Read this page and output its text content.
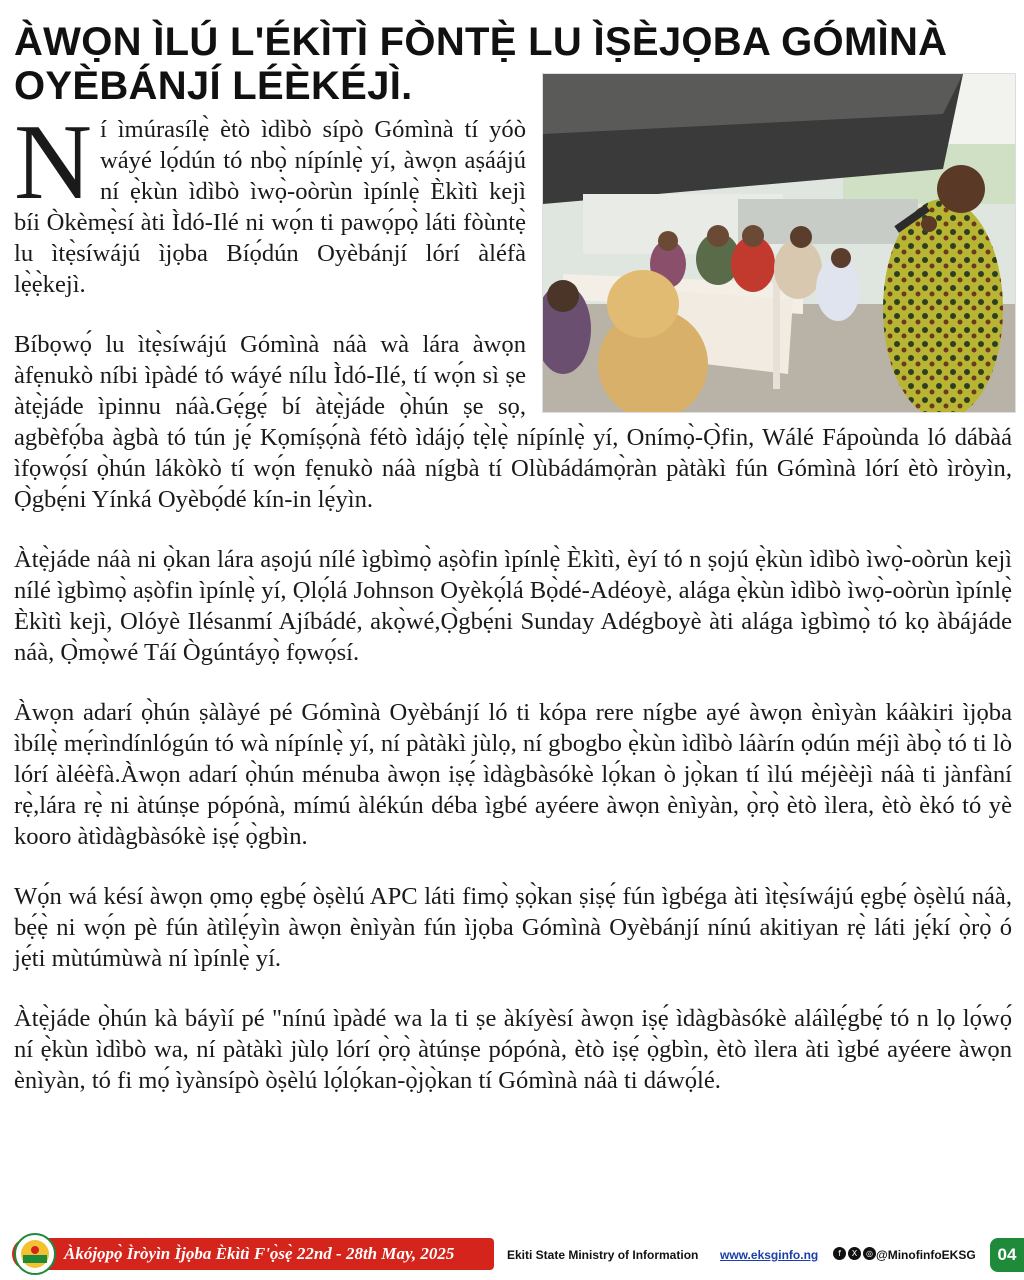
ÀWỌN ÌLÚ L'ÉKÌTÌ FÒNTẸ̀ LU ÌṢÈJỌBA GÓMÌNÀ OYÈBÁNJÍ LÉÈKÉJÌ.

Ní ìmúrasílẹ̀ ètò ìdìbò sípò Gómìnà tí yóò wáyé lọ́dún tó nbọ̀ nípínlẹ̀ yí, àwọn aṣáájú ní ẹ̀kùn ìdìbò ìwọ̀-oòrùn ìpínlẹ̀ Èkìtì kejì bíi Òkèmẹ̀sí àti Ìdó-Ilé ni wọ́n ti pawọ́pọ̀ láti fòùntẹ̀ lu ìtẹ̀síwájú ìjọba Bíọ́dún Oyèbánjí lórí àléfà lẹ̀ẹ̀kejì.

Bíbọwọ́ lu ìtẹ̀síwájú Gómìnà náà wà lára àwọn àfẹnukò níbi ìpàdé tó wáyé nílu Ìdó-Ilé, tí wọ́n sì ṣe àtẹ̀jáde ìpinnu náà.Gẹ́gẹ́ bí àtẹ̀jáde ọ̀hún ṣe sọ, agbèfọ́ba àgbà tó tún jẹ́ Kọmíṣọ́nà fétò ìdájọ́ tẹ̀lẹ̀ nípínlẹ̀ yí, Onímọ̀-Ọ̀fin, Wálé Fápoùnda ló dábàá ìfọwọ́sí ọ̀hún lákòkò tí wọ́n fẹnukò náà nígbà tí Olùbádámọ̀ràn pàtàkì fún Gómìnà lórí ètò ìròyìn, Ọ̀gbẹ́ni Yínká Oyèbọ́dé kín-in lẹ́yìn.

Àtẹ̀jáde náà ni ọ̀kan lára aṣojú nílé ìgbìmọ̀ aṣòfin ìpínlẹ̀ Èkìtì, èyí tó n ṣojú ẹ̀kùn ìdìbò ìwọ̀-oòrùn kejì nílé ìgbìmọ̀ aṣòfin ìpínlẹ̀ yí, Ọlọ́lá Johnson Oyèkọ́lá Bọ̀dé-Adéoyè, alága ẹ̀kùn ìdìbò ìwọ̀-oòrùn ìpínlẹ̀ Èkìtì kejì, Olóyè Ilésanmí Ajíbádé, akọ̀wé,Ọ̀gbẹ́ni Sunday Adégboyè àti alága ìgbìmọ̀ tó kọ àbájáde náà, Ọ̀mọ̀wé Táí Ògúntáyọ̀ fọwọ́sí.

Àwọn adarí ọ̀hún ṣàlàyé pé Gómìnà Oyèbánjí ló ti kópa rere nígbe ayé àwọn ènìyàn káàkiri ìjọba ìbílẹ̀ mẹ́rìndínlógún tó wà nípínlẹ̀ yí, ní pàtàkì jùlọ, ní gbogbo ẹ̀kùn ìdìbò láàrín ọdún méjì àbọ̀ tó ti lò lórí àléèfà.Àwọn adarí ọ̀hún ménuba àwọn iṣẹ́ ìdàgbàsókè lọ́kan ò jọ̀kan tí ìlú méjèèjì náà ti jànfàní rẹ̀,lára rẹ̀ ni àtúnṣe pópónà, mímú àlékún déba ìgbé ayéere àwọn ènìyàn, ọ̀rọ̀ ètò ìlera, ètò èkó tó yè kooro àtìdàgbàsókè iṣẹ́ ọ̀gbìn.

Wọ́n wá késí àwọn ọmọ ẹgbẹ́ òṣèlú APC láti fimọ̀ ṣọ̀kan ṣiṣẹ́ fún ìgbéga àti ìtẹ̀síwájú ẹgbẹ́ òṣèlú náà, bẹ́ẹ̀ ni wọ́n pè fún àtìlẹ́yìn àwọn ènìyàn fún ìjọba Gómìnà Oyèbánjí nínú akitiyan rẹ̀ láti jẹ́kí ọ̀rọ̀ ó jẹ́ti mùtúmùwà ní ìpínlẹ̀ yí.

Àtẹ̀jáde ọ̀hún kà báyìí pé "nínú ìpàdé wa la ti ṣe àkíyèsí àwọn iṣẹ́ ìdàgbàsókè aláìlẹ́gbẹ́ tó n lọ lọ́wọ́ ní ẹ̀kùn ìdìbò wa, ní pàtàkì jùlọ lórí ọ̀rọ̀ àtúnṣe pópónà, ètò iṣẹ́ ọ̀gbìn, ètò ìlera àti ìgbé ayéere àwọn ènìyàn, tó fi mọ́ ìyànsípò òṣèlú lọ́lọ́kan-ọ̀jọ̀kan tí Gómìnà náà ti dáwọ́lé.

Àkójọpọ̀ Ìròyìn Ìjọba Èkìtì F'ọ̀sẹ̀ 22nd - 28th May, 2025	Ekiti State Ministry of Information www.eksginfo.ng	f	X	◎ @MinofinfoEKSG	04
